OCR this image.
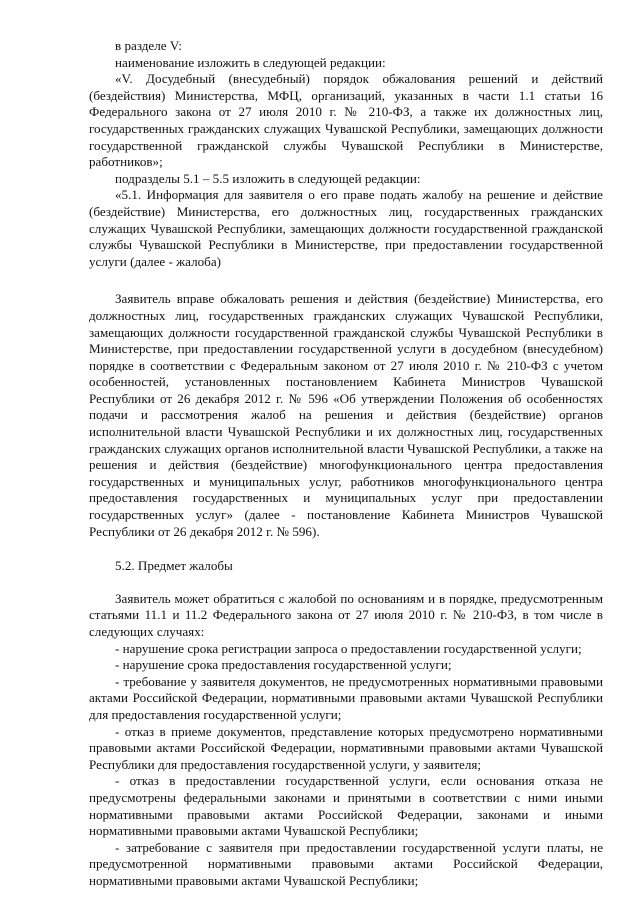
в разделе V:

наименование изложить в следующей редакции:

«V. Досудебный (внесудебный) порядок обжалования решений и действий (бездействия) Министерства, МФЦ, организаций, указанных в части 1.1 статьи 16 Федерального закона от 27 июля 2010 г. № 210-ФЗ, а также их должностных лиц, государственных гражданских служащих Чувашской Республики, замещающих должности государственной гражданской службы Чувашской Республики в Министерстве, работников»;

подразделы 5.1 – 5.5 изложить в следующей редакции:

«5.1. Информация для заявителя о его праве подать жалобу на решение и действие (бездействие) Министерства, его должностных лиц, государственных гражданских служащих Чувашской Республики, замещающих должности государственной гражданской службы Чувашской Республики в Министерстве, при предоставлении государственной услуги (далее - жалоба)

Заявитель вправе обжаловать решения и действия (бездействие) Министерства, его должностных лиц, государственных гражданских служащих Чувашской Республики, замещающих должности государственной гражданской службы Чувашской Республики в Министерстве, при предоставлении государственной услуги в досудебном (внесудебном) порядке в соответствии с Федеральным законом от 27 июля 2010 г. № 210-ФЗ с учетом особенностей, установленных постановлением Кабинета Министров Чувашской Республики от 26 декабря 2012 г. № 596 «Об утверждении Положения об особенностях подачи и рассмотрения жалоб на решения и действия (бездействие) органов исполнительной власти Чувашской Республики и их должностных лиц, государственных гражданских служащих органов исполнительной власти Чувашской Республики, а также на решения и действия (бездействие) многофункционального центра предоставления государственных и муниципальных услуг, работников многофункционального центра предоставления государственных и муниципальных услуг при предоставлении государственных услуг» (далее - постановление Кабинета Министров Чувашской Республики от 26 декабря 2012 г. № 596).

5.2. Предмет жалобы

Заявитель может обратиться с жалобой по основаниям и в порядке, предусмотренным статьями 11.1 и 11.2 Федерального закона от 27 июля 2010 г. № 210-ФЗ, в том числе в следующих случаях:

- нарушение срока регистрации запроса о предоставлении государственной услуги;

- нарушение срока предоставления государственной услуги;

- требование у заявителя документов, не предусмотренных нормативными правовыми актами Российской Федерации, нормативными правовыми актами Чувашской Республики для предоставления государственной услуги;

- отказ в приеме документов, представление которых предусмотрено нормативными правовыми актами Российской Федерации, нормативными правовыми актами Чувашской Республики для предоставления государственной услуги, у заявителя;

- отказ в предоставлении государственной услуги, если основания отказа не предусмотрены федеральными законами и принятыми в соответствии с ними иными нормативными правовыми актами Российской Федерации, законами и иными нормативными правовыми актами Чувашской Республики;

- затребование с заявителя при предоставлении государственной услуги платы, не предусмотренной нормативными правовыми актами Российской Федерации, нормативными правовыми актами Чувашской Республики;
